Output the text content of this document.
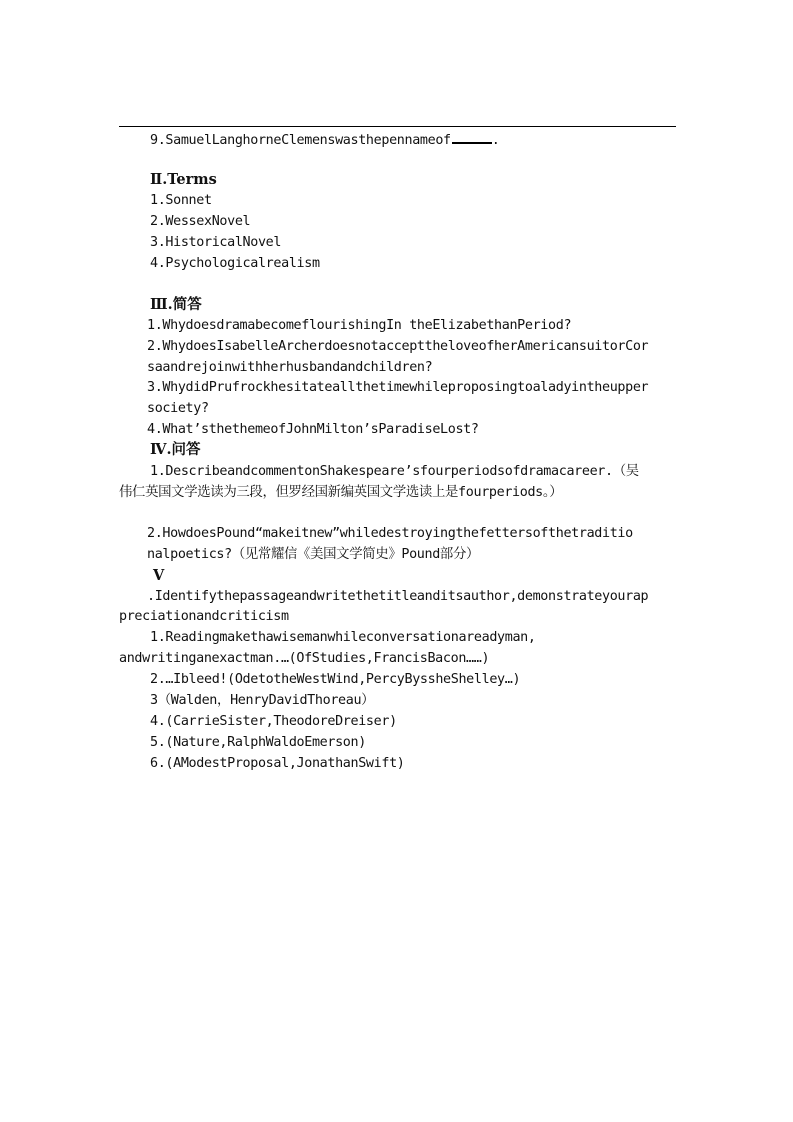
9.SamuelLanghorneClemenswasthepennameof	.
Ⅱ.Terms
1.Sonnet
2.WessexNovel
3.HistoricalNovel
4.Psychologicalrealism
Ⅲ.简答
1.WhydoesdramabecomeflourishingIn theElizabethanPeriod?
2.WhydoesIsabelleArcherdoesnotaccepttheloveofherAmericansuitorCor
saandrejoinwithherhusbandandchildren?
3.WhydidPrufrockhesitateallthetimewhileproposingtoaladyintheupper
society?
4.What’sthethemeofJohnMilton’sParadiseLost?
Ⅳ.问答
1.DescribeandcommentonShakespeare’sfourperiodsofdramacareer.（吴
伟仁英国文学选读为三段，但罗经国新编英国文学选读上是fourperiods。）
2.HowdoesPound“makeitnew”whiledestroyingthefettersofthetraditio
nalpoetics?（见常耀信《美国文学简史》Pound部分）
Ⅴ
.Identifythepassageandwritethetitleanditsauthor,demonstrateyourap
preciationandcriticism
1.Readingmakethawisemanwhileconversationareadyman,
andwritinganexactman.…(OfStudies,FrancisBacon……)
2.…Ibleed!(OdetotheWestWind,PercyByssheShelley…)
3（Walden，HenryDavidThoreau）
4.(CarrieSister,TheodoreDreiser)
5.(Nature,RalphWaldoEmerson)
6.(AModestProposal,JonathanSwift)
